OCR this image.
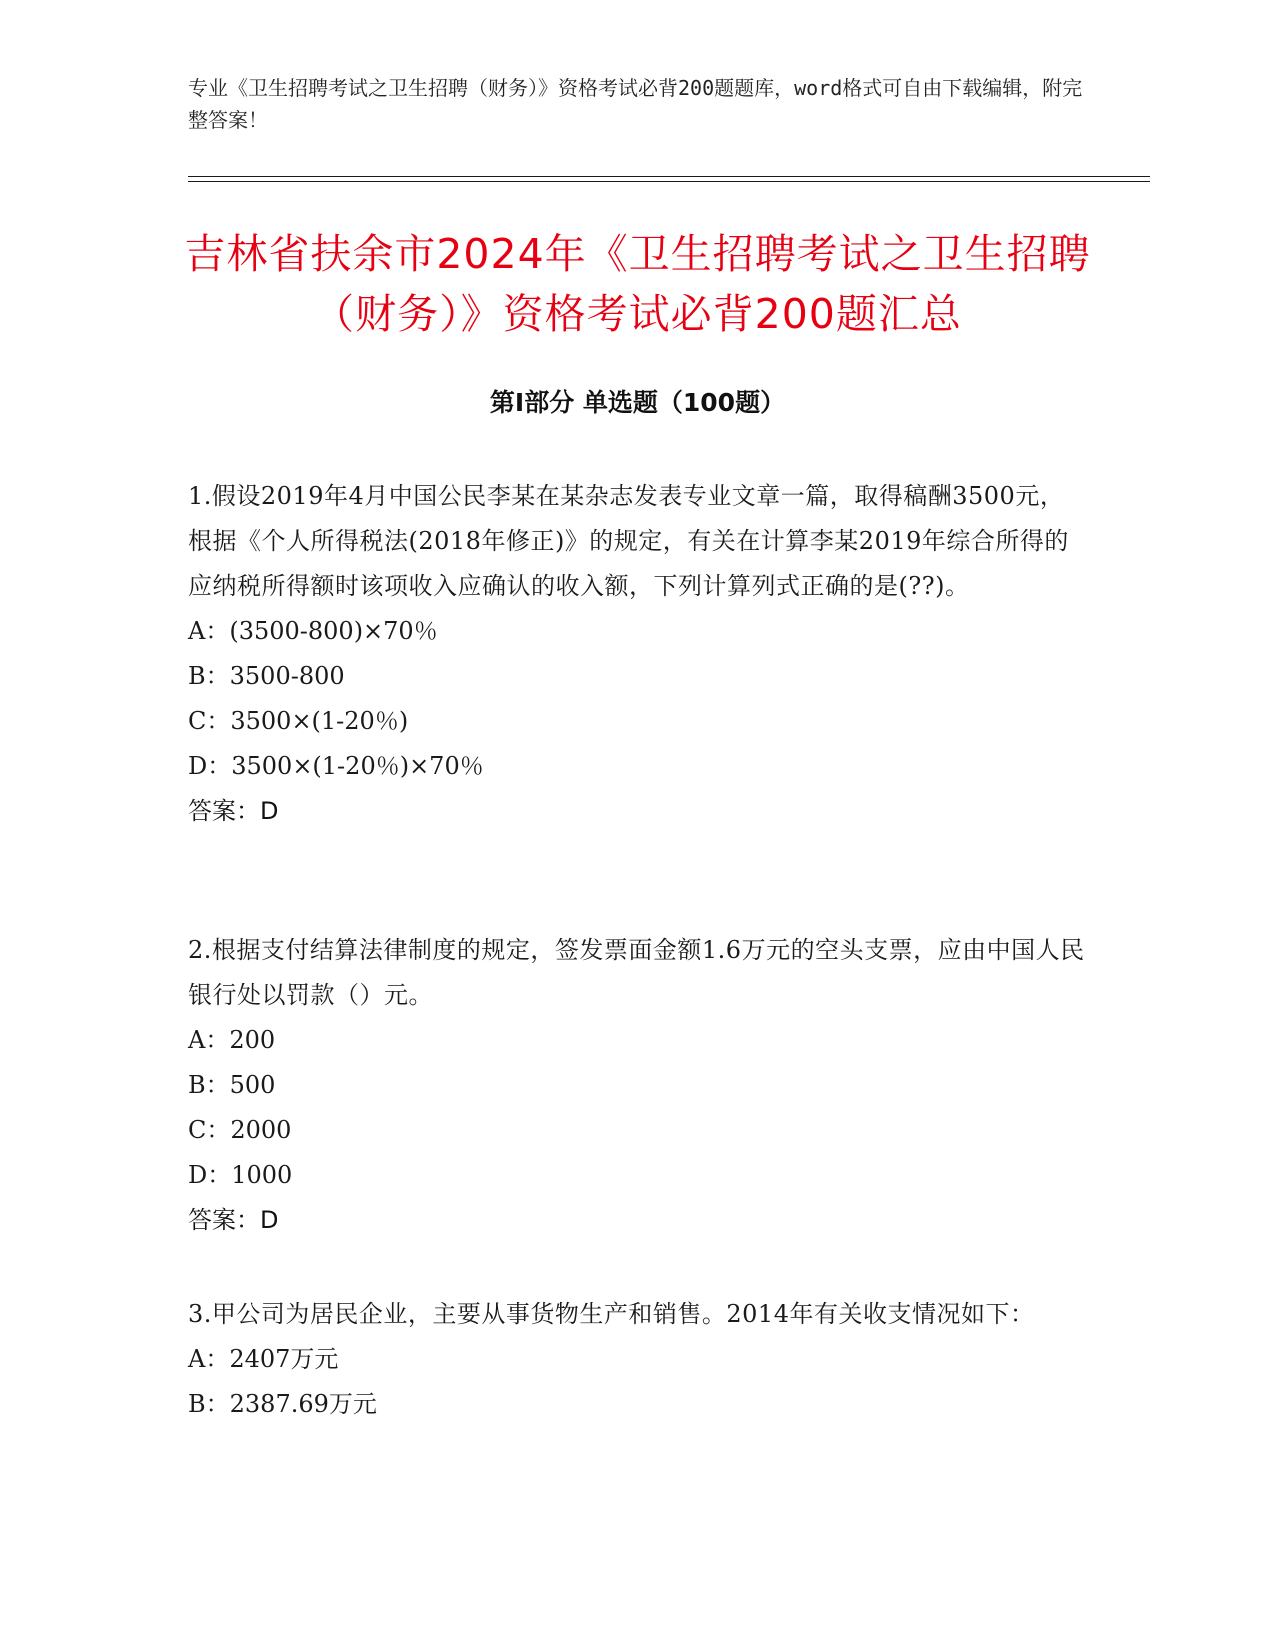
专业《卫生招聘考试之卫生招聘（财务）》资格考试必背200题题库，word格式可自由下载编辑，附完整答案！
吉林省扶余市2024年《卫生招聘考试之卫生招聘（财务）》资格考试必背200题汇总
第Ⅰ部分 单选题（100题）

1.假设2019年4月中国公民李某在某杂志发表专业文章一篇，取得稿酬3500元，根据《个人所得税法(2018年修正)》的规定，有关在计算李某2019年综合所得的应纳税所得额时该项收入应确认的收入额，下列计算列式正确的是(??)。

A：(3500-800)×70％

B：3500-800

C：3500×(1-20％)

D：3500×(1-20％)×70％

答案：D

2.根据支付结算法律制度的规定，签发票面金额1.6万元的空头支票，应由中国人民银行处以罚款（）元。

A：200

B：500

C：2000

D：1000

答案：D

3.甲公司为居民企业，主要从事货物生产和销售。2014年有关收支情况如下：

A：2407万元

B：2387.69万元
